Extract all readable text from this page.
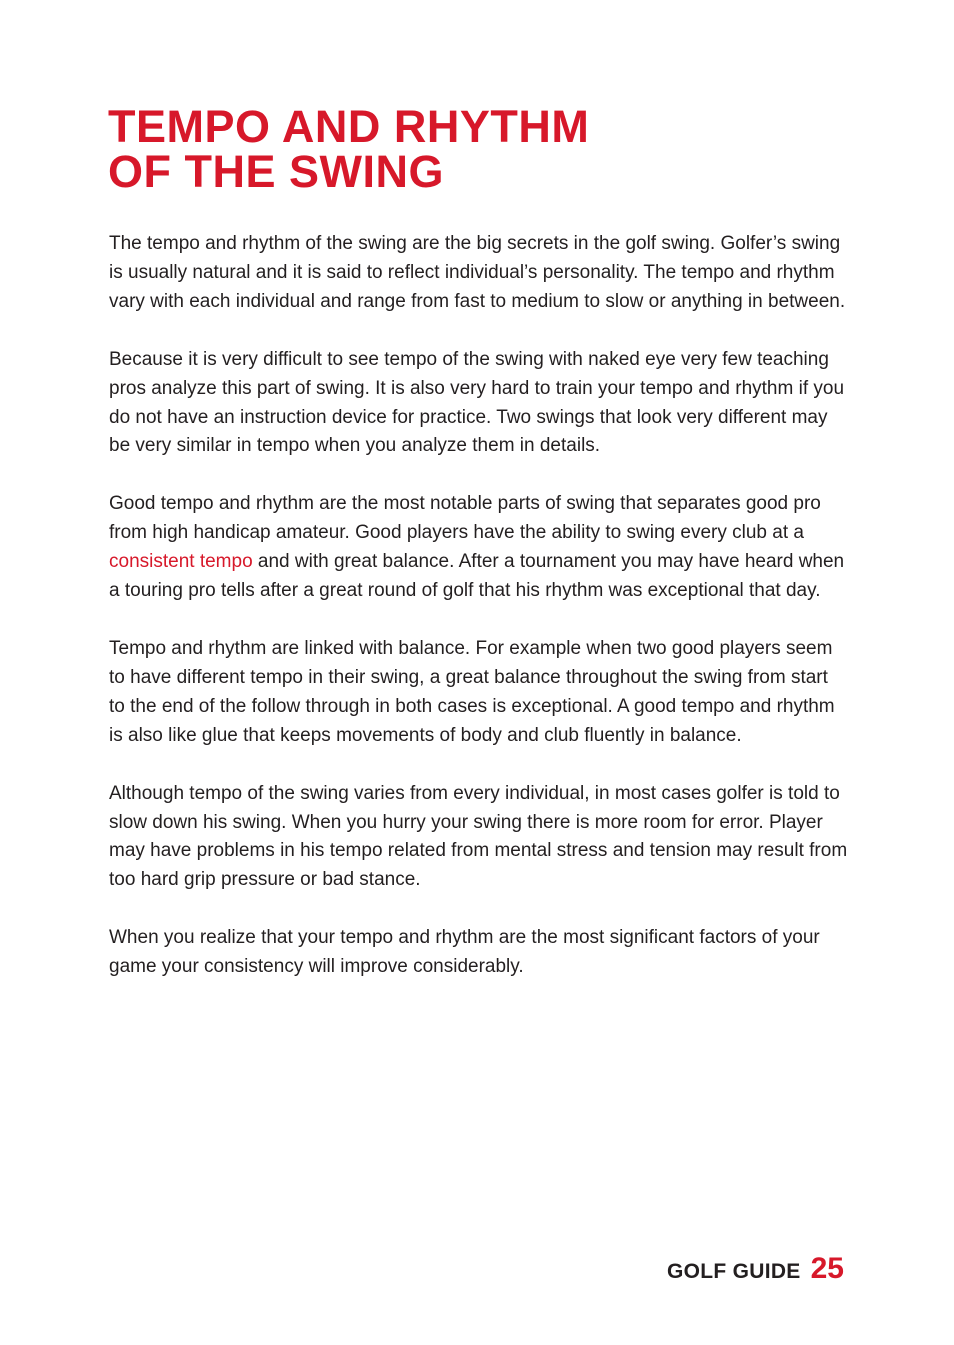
TEMPO AND RHYTHM
OF THE SWING

The tempo and rhythm of the swing are the big secrets in the golf swing. Golfer’s swing is usually natural and it is said to reflect individual’s personality. The tempo and rhythm vary with each individual and range from fast to medium to slow or anything in between.

Because it is very difficult to see tempo of the swing with naked eye very few teaching pros analyze this part of swing. It is also very hard to train your tempo and rhythm if you do not have an instruction device for practice. Two swings that look very different may be very similar in tempo when you analyze them in details.

Good tempo and rhythm are the most notable parts of swing that separates good pro from high handicap amateur. Good players have the ability to swing every club at a consistent tempo and with great balance. After a tournament you may have heard when a touring pro tells after a great round of golf that his rhythm was exceptional that day.

Tempo and rhythm are linked with balance. For example when two good players seem to have different tempo in their swing, a great balance throughout the swing from start to the end of the follow through in both cases is exceptional. A good tempo and rhythm is also like glue that keeps movements of body and club fluently in balance.

Although tempo of the swing varies from every individual, in most cases golfer is told to slow down his swing. When you hurry your swing there is more room for error. Player may have problems in his tempo related from mental stress and tension may result from too hard grip pressure or bad stance.

When you realize that your tempo and rhythm are the most significant factors of your game your consistency will improve considerably.

GOLF GUIDE 25
